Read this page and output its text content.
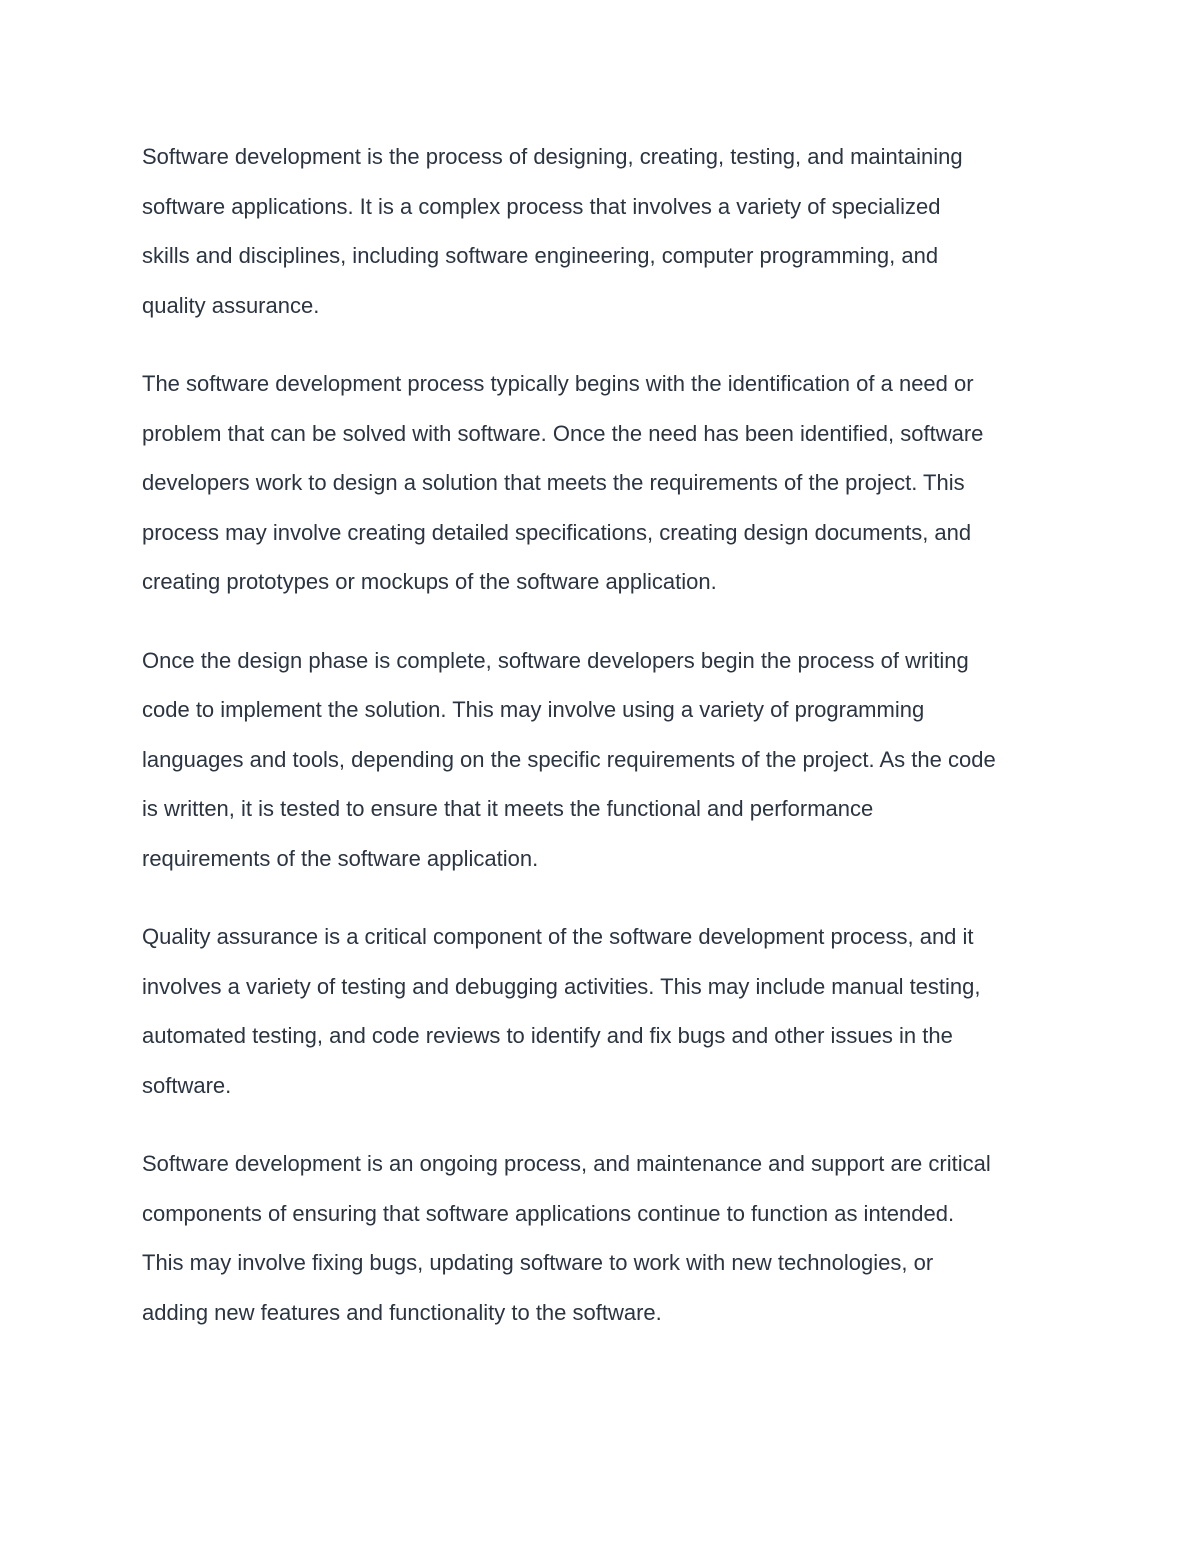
Software development is the process of designing, creating, testing, and maintaining
software applications. It is a complex process that involves a variety of specialized
skills and disciplines, including software engineering, computer programming, and
quality assurance.

The software development process typically begins with the identification of a need or
problem that can be solved with software. Once the need has been identified, software
developers work to design a solution that meets the requirements of the project. This
process may involve creating detailed specifications, creating design documents, and
creating prototypes or mockups of the software application.

Once the design phase is complete, software developers begin the process of writing
code to implement the solution. This may involve using a variety of programming
languages and tools, depending on the specific requirements of the project. As the code
is written, it is tested to ensure that it meets the functional and performance
requirements of the software application.

Quality assurance is a critical component of the software development process, and it
involves a variety of testing and debugging activities. This may include manual testing,
automated testing, and code reviews to identify and fix bugs and other issues in the
software.

Software development is an ongoing process, and maintenance and support are critical
components of ensuring that software applications continue to function as intended.
This may involve fixing bugs, updating software to work with new technologies, or
adding new features and functionality to the software.
